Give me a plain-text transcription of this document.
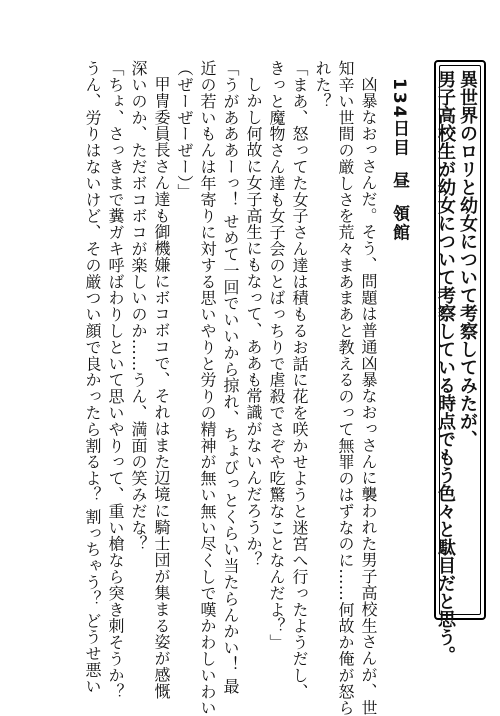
異世界のロリと幼女について考察してみたが、
男子高校生が幼女について考察している時点でもう色々と駄目だと思う。
134日目昼領館
凶暴なおっさんだ。そう、問題は普通凶暴なおっさんに襲われた男子高校生さんが、世
知辛い世間の厳しさを荒々まあまあと教えるのって無罪のはずなのに……何故か俺が怒ら
れた？
「まあ、怒ってた女子さん達は積もるお話に花を咲かせようと迷宮へ行ったようだし、
きっと魔物さん達も女子会のとばっちりで虐殺でさぞや吃驚なことなんだよ？」
しかし何故に女子高生にもなって、ああも常識がないんだろうか？
「うがあああーっ！ せめて一回でいいから掠れ、ちょびっとくらい当たらんかい！ 最
近の若いもんは年寄りに対する思いやりと労りの精神が無い無い尽くしで嘆かわしいわい
（ぜーぜーぜー）」
甲冑委員長さん達も御機嫌にボコボコで、それはまた辺境に騎士団が集まる姿が感慨
深いのか、ただボコボコが楽しいのか……うん、満面の笑みだな？
「ちょ、さっきまで糞ガキ呼ばわりしといて思いやりって、重い槍なら突き刺そうか？
うん、労りはないけど、その厳つい顔で良かったら割るよ？ 割っちゃう？ どうせ悪い
